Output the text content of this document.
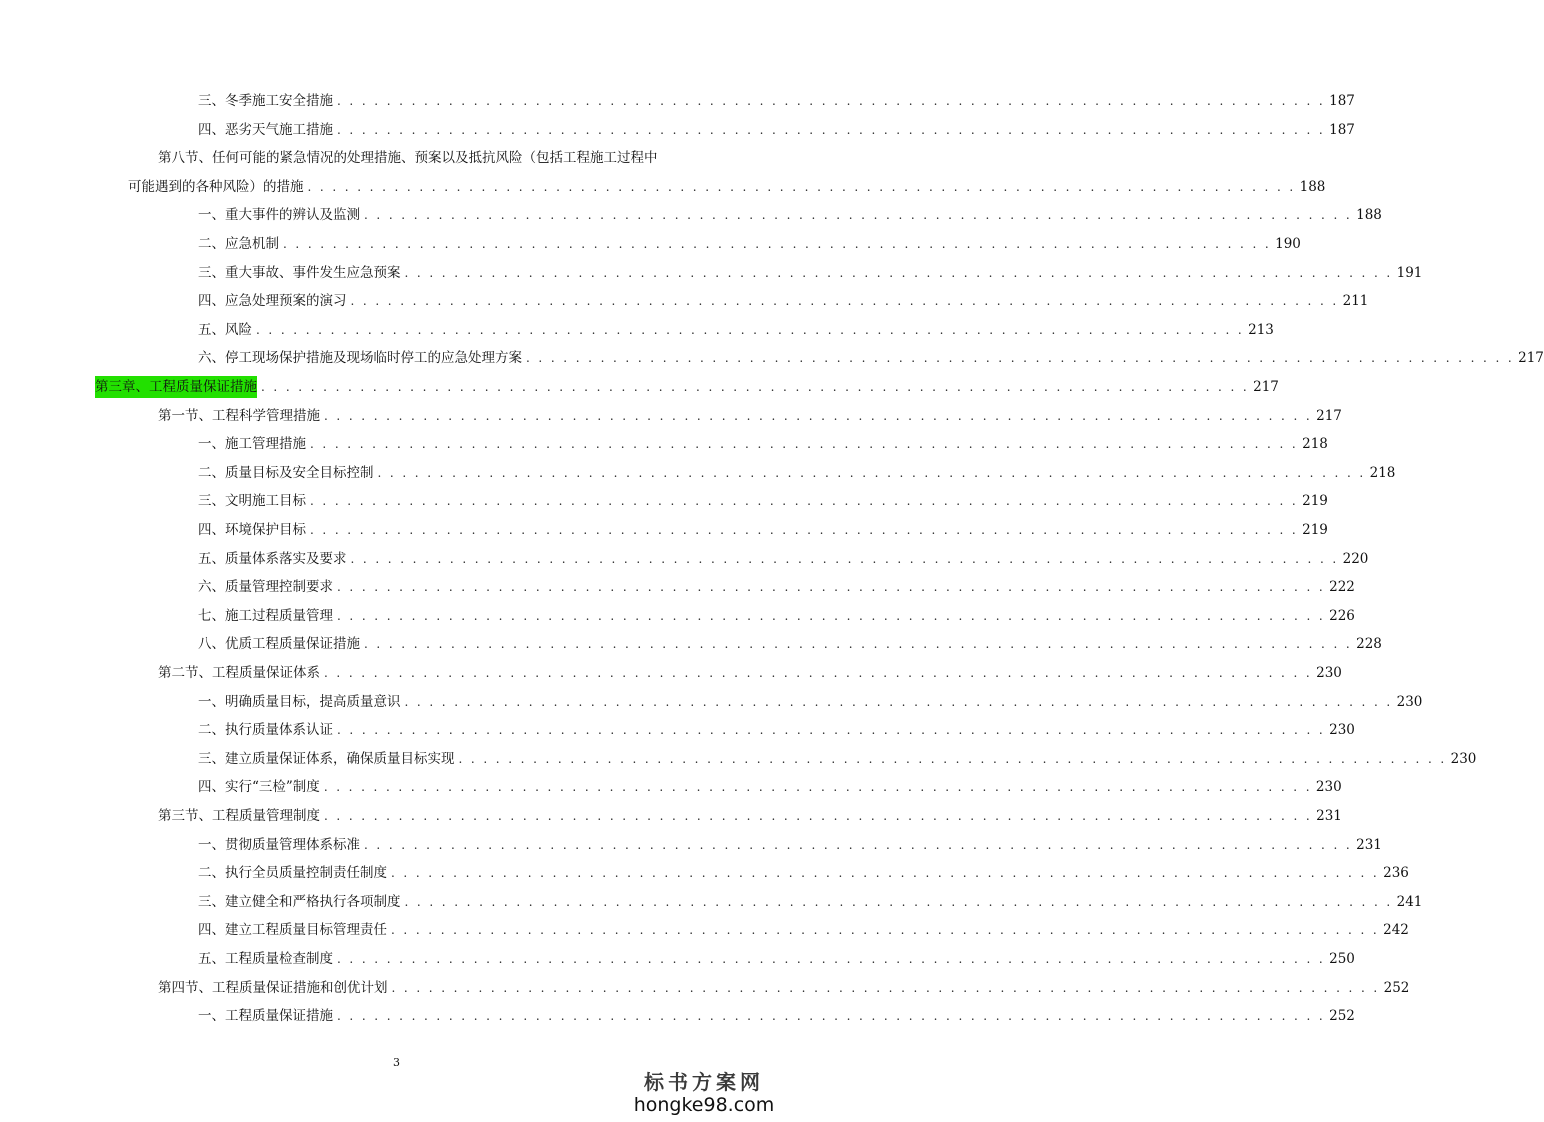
三、冬季施工安全措施 . . . . . . . . . . . . . . . . . . . . . . . . . . . . . . . . . . . . . . . . . . . . . . . . . . . . . . . . . . . . . . . . . . . . . . . . . . . . . . . . 187
四、恶劣天气施工措施 . . . . . . . . . . . . . . . . . . . . . . . . . . . . . . . . . . . . . . . . . . . . . . . . . . . . . . . . . . . . . . . . . . . . . . . . . . . . . . . . 187
第八节、任何可能的紧急情况的处理措施、预案以及抵抗风险（包括工程施工过程中
可能遇到的各种风险）的措施 . . . . . . . . . . . . . . . . . . . . . . . . . . . . . . . . . . . . . . . . . . . . . . . . . . . . . . . . . . . . . . . . . . . . . . . . . . . . . . . . 188
一、重大事件的辨认及监测 . . . . . . . . . . . . . . . . . . . . . . . . . . . . . . . . . . . . . . . . . . . . . . . . . . . . . . . . . . . . . . . . . . . . . . . . . . . . . . . . 188
二、应急机制 . . . . . . . . . . . . . . . . . . . . . . . . . . . . . . . . . . . . . . . . . . . . . . . . . . . . . . . . . . . . . . . . . . . . . . . . . . . . . . . . 190
三、重大事故、事件发生应急预案 . . . . . . . . . . . . . . . . . . . . . . . . . . . . . . . . . . . . . . . . . . . . . . . . . . . . . . . . . . . . . . . . . . . . . . . . . . . . . . . . 191
四、应急处理预案的演习 . . . . . . . . . . . . . . . . . . . . . . . . . . . . . . . . . . . . . . . . . . . . . . . . . . . . . . . . . . . . . . . . . . . . . . . . . . . . . . . . 211
五、风险 . . . . . . . . . . . . . . . . . . . . . . . . . . . . . . . . . . . . . . . . . . . . . . . . . . . . . . . . . . . . . . . . . . . . . . . . . . . . . . . . 213
六、停工现场保护措施及现场临时停工的应急处理方案 . . . . . . . . . . . . . . . . . . . . . . . . . . . . . . . . . . . . . . . . . . . . . . . . . . . . . . . . . . . . . . . . . . . . . . . . . . . . . . . . 217
第三章、工程质量保证措施 . . . . . . . . . . . . . . . . . . . . . . . . . . . . . . . . . . . . . . . . . . . . . . . . . . . . . . . . . . . . . . . . . . . . . . . . . . . . . . . . 217
第一节、工程科学管理措施 . . . . . . . . . . . . . . . . . . . . . . . . . . . . . . . . . . . . . . . . . . . . . . . . . . . . . . . . . . . . . . . . . . . . . . . . . . . . . . . . 217
一、施工管理措施 . . . . . . . . . . . . . . . . . . . . . . . . . . . . . . . . . . . . . . . . . . . . . . . . . . . . . . . . . . . . . . . . . . . . . . . . . . . . . . . . 218
二、质量目标及安全目标控制 . . . . . . . . . . . . . . . . . . . . . . . . . . . . . . . . . . . . . . . . . . . . . . . . . . . . . . . . . . . . . . . . . . . . . . . . . . . . . . . . 218
三、文明施工目标 . . . . . . . . . . . . . . . . . . . . . . . . . . . . . . . . . . . . . . . . . . . . . . . . . . . . . . . . . . . . . . . . . . . . . . . . . . . . . . . . 219
四、环境保护目标 . . . . . . . . . . . . . . . . . . . . . . . . . . . . . . . . . . . . . . . . . . . . . . . . . . . . . . . . . . . . . . . . . . . . . . . . . . . . . . . . 219
五、质量体系落实及要求 . . . . . . . . . . . . . . . . . . . . . . . . . . . . . . . . . . . . . . . . . . . . . . . . . . . . . . . . . . . . . . . . . . . . . . . . . . . . . . . . 220
六、质量管理控制要求 . . . . . . . . . . . . . . . . . . . . . . . . . . . . . . . . . . . . . . . . . . . . . . . . . . . . . . . . . . . . . . . . . . . . . . . . . . . . . . . . 222
七、施工过程质量管理 . . . . . . . . . . . . . . . . . . . . . . . . . . . . . . . . . . . . . . . . . . . . . . . . . . . . . . . . . . . . . . . . . . . . . . . . . . . . . . . . 226
八、优质工程质量保证措施 . . . . . . . . . . . . . . . . . . . . . . . . . . . . . . . . . . . . . . . . . . . . . . . . . . . . . . . . . . . . . . . . . . . . . . . . . . . . . . . . 228
第二节、工程质量保证体系 . . . . . . . . . . . . . . . . . . . . . . . . . . . . . . . . . . . . . . . . . . . . . . . . . . . . . . . . . . . . . . . . . . . . . . . . . . . . . . . . 230
一、明确质量目标，提高质量意识 . . . . . . . . . . . . . . . . . . . . . . . . . . . . . . . . . . . . . . . . . . . . . . . . . . . . . . . . . . . . . . . . . . . . . . . . . . . . . . . . 230
二、执行质量体系认证 . . . . . . . . . . . . . . . . . . . . . . . . . . . . . . . . . . . . . . . . . . . . . . . . . . . . . . . . . . . . . . . . . . . . . . . . . . . . . . . . 230
三、建立质量保证体系，确保质量目标实现 . . . . . . . . . . . . . . . . . . . . . . . . . . . . . . . . . . . . . . . . . . . . . . . . . . . . . . . . . . . . . . . . . . . . . . . . . . . . . . . . 230
四、实行“三检”制度 . . . . . . . . . . . . . . . . . . . . . . . . . . . . . . . . . . . . . . . . . . . . . . . . . . . . . . . . . . . . . . . . . . . . . . . . . . . . . . . . 230
第三节、工程质量管理制度 . . . . . . . . . . . . . . . . . . . . . . . . . . . . . . . . . . . . . . . . . . . . . . . . . . . . . . . . . . . . . . . . . . . . . . . . . . . . . . . . 231
一、贯彻质量管理体系标准 . . . . . . . . . . . . . . . . . . . . . . . . . . . . . . . . . . . . . . . . . . . . . . . . . . . . . . . . . . . . . . . . . . . . . . . . . . . . . . . . 231
二、执行全员质量控制责任制度 . . . . . . . . . . . . . . . . . . . . . . . . . . . . . . . . . . . . . . . . . . . . . . . . . . . . . . . . . . . . . . . . . . . . . . . . . . . . . . . . 236
三、建立健全和严格执行各项制度 . . . . . . . . . . . . . . . . . . . . . . . . . . . . . . . . . . . . . . . . . . . . . . . . . . . . . . . . . . . . . . . . . . . . . . . . . . . . . . . . 241
四、建立工程质量目标管理责任 . . . . . . . . . . . . . . . . . . . . . . . . . . . . . . . . . . . . . . . . . . . . . . . . . . . . . . . . . . . . . . . . . . . . . . . . . . . . . . . . 242
五、工程质量检查制度 . . . . . . . . . . . . . . . . . . . . . . . . . . . . . . . . . . . . . . . . . . . . . . . . . . . . . . . . . . . . . . . . . . . . . . . . . . . . . . . . 250
第四节、工程质量保证措施和创优计划 . . . . . . . . . . . . . . . . . . . . . . . . . . . . . . . . . . . . . . . . . . . . . . . . . . . . . . . . . . . . . . . . . . . . . . . . . . . . . . . . 252
一、工程质量保证措施 . . . . . . . . . . . . . . . . . . . . . . . . . . . . . . . . . . . . . . . . . . . . . . . . . . . . . . . . . . . . . . . . . . . . . . . . . . . . . . . . 252
3
标书方案网
hongke98.com
